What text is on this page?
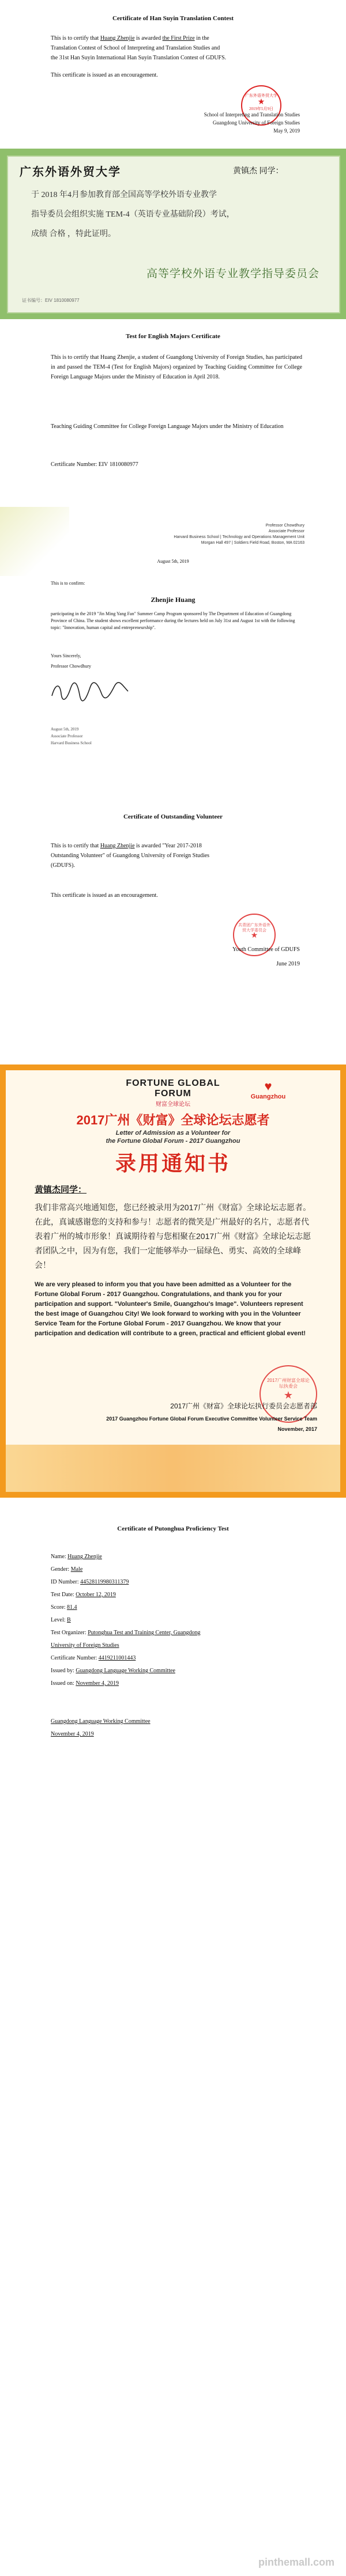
Certificate of Han Suyin Translation Contest
This is to certify that Huang Zhenjie is awarded the First Prize in the
Translation Contest of School of Interpreting and Translation Studies and
the 31st Han Suyin International Han Suyin Translation Contest of GDUFS.
This certificate is issued as an encouragement.
广东外语外贸大学
★
2019年5月9日
School of Interpreting and Translation Studies
Guangdong University of Foreign Studies
May 9, 2019
广东外语外贸大学	黄镇杰 同学：
于 2018 年4月参加教育部全国高等学校外语专业教学
指导委员会组织实施 TEM-4（英语专业基础阶段）考试，
成绩 合格 ，特此证明。
高等学校外语专业教学指导委员会
证书编号：EIV 1810080977
Test for English Majors Certificate
This is to certify that Huang Zhenjie, a student of Guangdong University of Foreign Studies, has participated in and passed the TEM-4 (Test for English Majors) organized by Teaching Guiding Committee for College Foreign Language Majors under the Ministry of Education in April 2018.
Teaching Guiding Committee for College Foreign Language Majors under the Ministry of Education
Certificate Number: EIV 1810080977
Professor Chowdhury
Associate Professor
Harvard Business School | Technology and Operations Management Unit
Morgan Hall 497 | Soldiers Field Road, Boston, MA 02163
August 5th, 2019
This is to confirm:
Zhenjie Huang
participating in the 2019 "Jin Ming Yang Fan" Summer Camp Program sponsored by The Department of Education of Guangdong Province of China. The student shows excellent performance during the lectures held on July 31st and August 1st with the following topic: "Innovation, human capital and entrepreneurship".
Yours Sincerely,
Professor Chowdhury
August 5th, 2019
Associate Professor
Harvard Business School
Certificate of Outstanding Volunteer
This is to certify that Huang Zhenjie is awarded "Year 2017-2018
Outstanding Volunteer" of Guangdong University of Foreign Studies
(GDUFS).
This certificate is issued as an encouragement.
共青团广东外语外贸大学委员会
★
Youth Committee of GDUFS
June 2019
FORTUNE GLOBAL FORUM
财富全球论坛
♥
Guangzhou
2017广州《财富》全球论坛志愿者
Letter of Admission as a Volunteer for
the Fortune Global Forum - 2017 Guangzhou
录用通知书
黄镇杰同学：
我们非常高兴地通知您，您已经被录用为2017广州《财富》全球论坛志愿者。在此，真诚感谢您的支持和参与！志愿者的微笑是广州最好的名片，志愿者代表着广州的城市形象！真诚期待着与您相聚在2017广州《财富》全球论坛志愿者团队之中，因为有您，我们一定能够举办一届绿色、勇实、高效的全球峰会！
We are very pleased to inform you that you have been admitted as a Volunteer for the Fortune Global Forum - 2017 Guangzhou. Congratulations, and thank you for your participation and support. "Volunteer's Smile, Guangzhou's Image". Volunteers represent the best image of Guangzhou City! We look forward to working with you in the Volunteer Service Team for the Fortune Global Forum - 2017 Guangzhou. We know that your participation and dedication will contribute to a green, practical and efficient global event!
2017广州财富全球论坛执委会
★
2017广州《财富》全球论坛执行委员会志愿者部
2017 Guangzhou Fortune Global Forum Executive Committee Volunteer Service Team
November, 2017
Certificate of Putonghua Proficiency Test
Name: Huang Zhenjie
Gender: Male
ID Number: 44528119980311379
Test Date: October 12, 2019
Score: 81.4
Level: B
Test Organizer: Putonghua Test and Training Center, Guangdong
University of Foreign Studies
Certificate Number: 4419211001443
Issued by: Guangdong Language Working Committee
Issued on: November 4, 2019
Guangdong Language Working Committee
November 4, 2019
pinthemall.com
